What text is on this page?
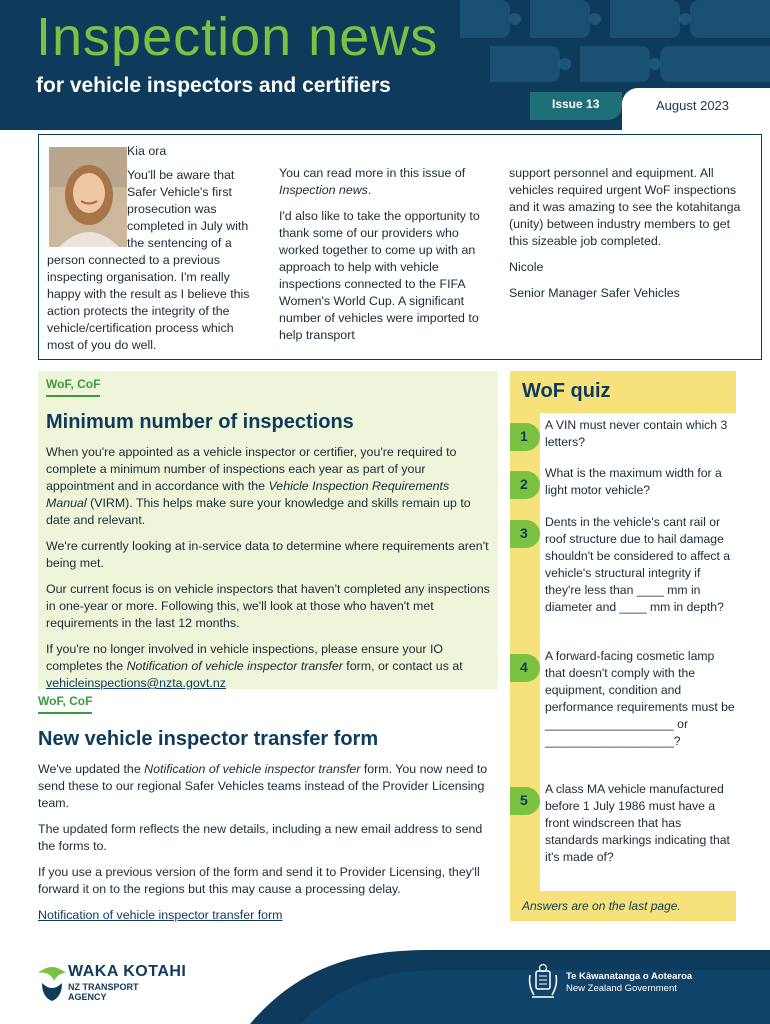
Inspection news
for vehicle inspectors and certifiers
Issue 13	August 2023

Kia ora

You'll be aware that Safer Vehicle's first prosecution was completed in July with the sentencing of a

person connected to a previous inspecting organisation. I'm really happy with the result as I believe this action protects the integrity of the vehicle/certification process which most of you do well.

You can read more in this issue of Inspection news.

I'd also like to take the opportunity to thank some of our providers who worked together to come up with an approach to help with vehicle inspections connected to the FIFA Women's World Cup. A significant number of vehicles were imported to help transport

support personnel and equipment. All vehicles required urgent WoF inspections and it was amazing to see the kotahitanga (unity) between industry members to get this sizeable job completed.

Nicole

Senior Manager Safer Vehicles

WoF, CoF
Minimum number of inspections

When you're appointed as a vehicle inspector or certifier, you're required to complete a minimum number of inspections each year as part of your appointment and in accordance with the Vehicle Inspection Requirements Manual (VIRM). This helps make sure your knowledge and skills remain up to date and relevant.

We're currently looking at in-service data to determine where requirements aren't being met.

Our current focus is on vehicle inspectors that haven't completed any inspections in one-year or more. Following this, we'll look at those who haven't met requirements in the last 12 months.

If you're no longer involved in vehicle inspections, please ensure your IO completes the Notification of vehicle inspector transfer form, or contact us at
vehicleinspections@nzta.govt.nz

WoF, CoF
New vehicle inspector transfer form

We've updated the Notification of vehicle inspector transfer form. You now need to send these to our regional Safer Vehicles teams instead of the Provider Licensing team.

The updated form reflects the new details, including a new email address to send the forms to.

If you use a previous version of the form and send it to Provider Licensing, they'll forward it on to the regions but this may cause a processing delay.

Notification of vehicle inspector transfer form

WoF quiz
1
A VIN must never contain which 3 letters?
2
What is the maximum width for a light motor vehicle?
3
Dents in the vehicle's cant rail or roof structure due to hail damage shouldn't be considered to affect a vehicle's structural integrity if they're less than ____ mm in diameter and ____ mm in depth?
4
A forward-facing cosmetic lamp that doesn't comply with the equipment, condition and performance requirements must be ___________________ or ___________________?
5
A class MA vehicle manufactured before 1 July 1986 must have a front windscreen that has standards markings indicating that it's made of?
Answers are on the last page.
WAKA KOTAHI
NZ TRANSPORT
AGENCY
Te Kāwanatanga o Aotearoa
New Zealand Government
